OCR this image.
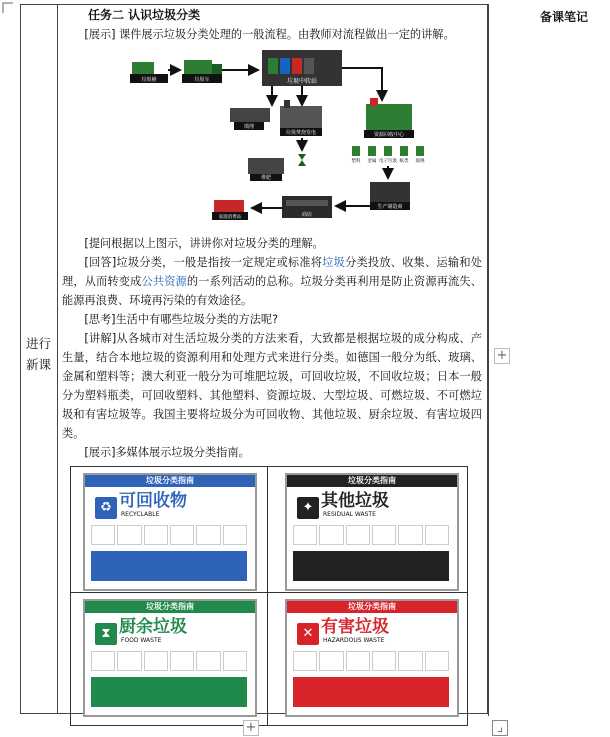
备课笔记
进行新课
任务二 认识垃圾分类

[展示] 课件展示垃圾分类处理的一般流程。由教师对流程做出一定的讲解。

垃圾桶	垃圾车	垃圾中转站
填埋
垃圾焚烧发电	资源回收中心
堆肥
塑料 金属 电子垃圾 纸类 玻璃
生产制造商
商店
家庭消费品

[提问根据以上图示，讲讲你对垃圾分类的理解。

[回答]垃圾分类，一般是指按一定规定或标准将垃圾分类投放、收集、运输和处理，从而转变成公共资源的一系列活动的总称。垃圾分类再利用是防止资源再流失、能源再浪费、环境再污染的有效途径。

[思考]生活中有哪些垃圾分类的方法呢?

[讲解]从各城市对生活垃圾分类的方法来看，大致都是根据垃圾的成分构成、产生量，结合本地垃圾的资源利用和处理方式来进行分类。如德国一般分为纸、玻璃、金属和塑料等；澳大利亚一般分为可堆肥垃圾，可回收垃圾，不回收垃圾；日本一般分为塑料瓶类，可回收塑料、其他塑料、资源垃圾、大型垃圾、可燃垃圾、不可燃垃圾和有害垃圾等。我国主要将垃圾分为可回收物、其他垃圾、厨余垃圾、有害垃圾四类。

[展示]多媒体展示垃圾分类指南。

垃圾分类指南
♻ 可回收物
RECYCLABLE
垃圾分类指南
✦ 其他垃圾
RESIDUAL WASTE
垃圾分类指南
⧗ 厨余垃圾
FOOD WASTE
垃圾分类指南
✕ 有害垃圾
HAZARDOUS WASTE
+
+	⌟
